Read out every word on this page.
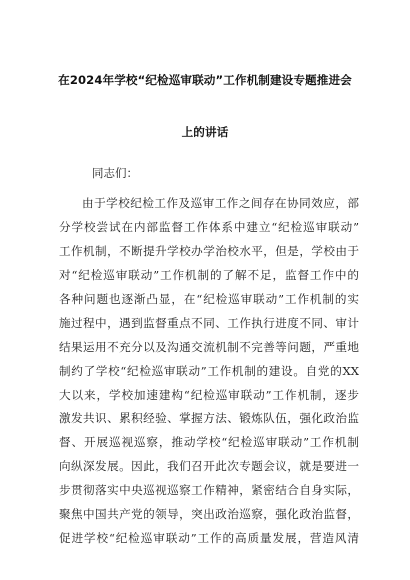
在2024年学校“纪检巡审联动”工作机制建设专题推进会
上的讲话
同志们：
由于学校纪检工作及巡审工作之间存在协同效应，部
分学校尝试在内部监督工作体系中建立“纪检巡审联动”
工作机制，不断提升学校办学治校水平，但是，学校由于
对“纪检巡审联动”工作机制的了解不足，监督工作中的
各种问题也逐渐凸显，在“纪检巡审联动”工作机制的实
施过程中，遇到监督重点不同、工作执行进度不同、审计
结果运用不充分以及沟通交流机制不完善等问题，严重地
制约了学校“纪检巡审联动”工作机制的建设。自党的XX
大以来，学校加速建构“纪检巡审联动”工作机制，逐步
激发共识、累积经验、掌握方法、锻炼队伍，强化政治监
督、开展巡视巡察，推动学校“纪检巡审联动”工作机制
向纵深发展。因此，我们召开此次专题会议，就是要进一
步贯彻落实中央巡视巡察工作精神，紧密结合自身实际，
聚焦中国共产党的领导，突出政治巡察，强化政治监督，
促进学校“纪检巡审联动”工作的高质量发展，营造风清
